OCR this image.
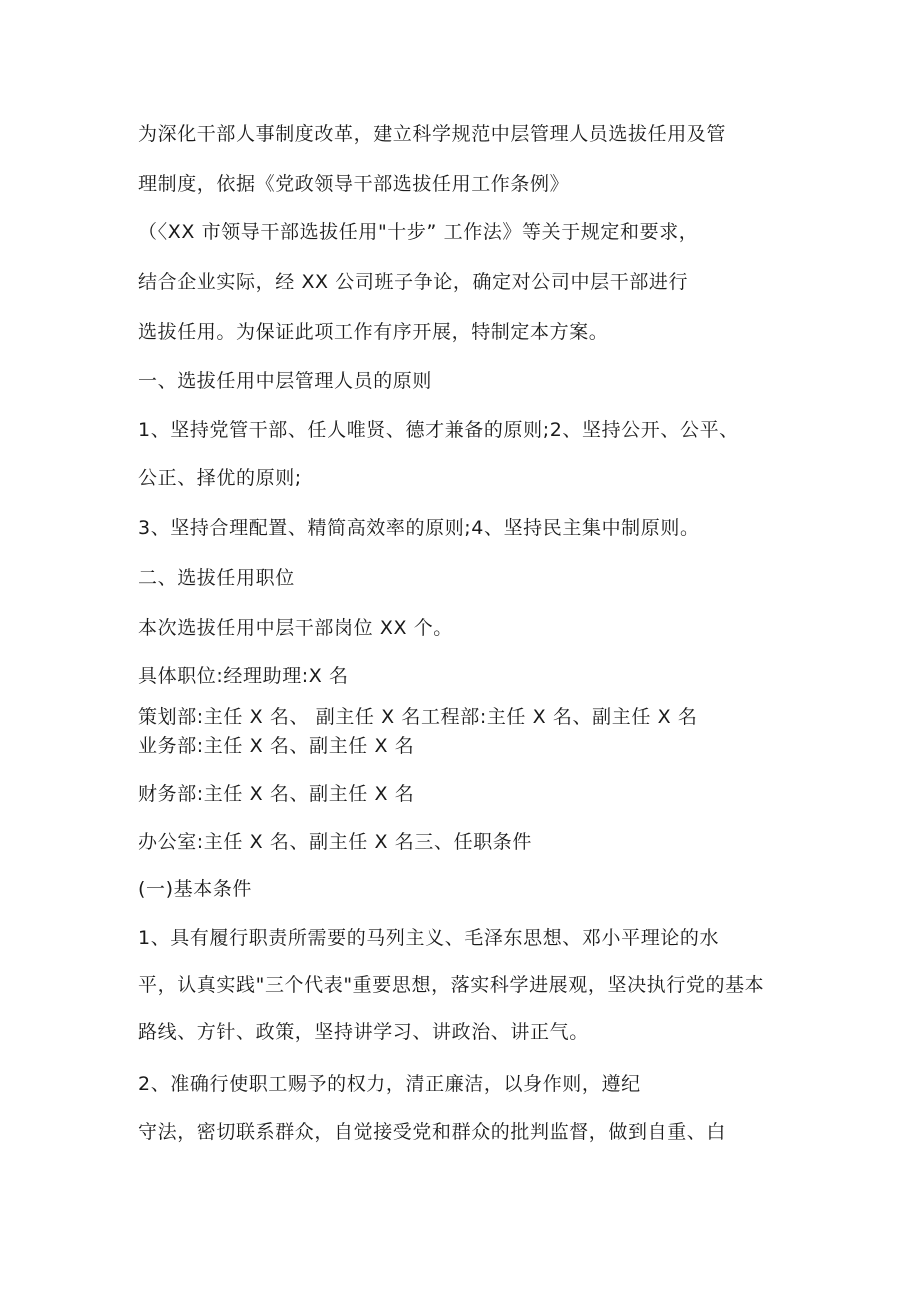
为深化干部人事制度改革，建立科学规范中层管理人员选拔任用及管
理制度，依据《党政领导干部选拔任用工作条例》
（〈XX 市领导干部选拔任用"十步” 工作法》等关于规定和要求，
结合企业实际，经 XX 公司班子争论，确定对公司中层干部进行
选拔任用。为保证此项工作有序开展，特制定本方案。
一、选拔任用中层管理人员的原则
1、坚持党管干部、任人唯贤、德才兼备的原则;2、坚持公开、公平、
公正、择优的原则;
3、坚持合理配置、精简高效率的原则;4、坚持民主集中制原则。
二、选拔任用职位
本次选拔任用中层干部岗位 XX 个。
具体职位:经理助理:X 名
策划部:主任 X 名、 副主任 X 名工程部:主任 X 名、副主任 X 名
业务部:主任 X 名、副主任 X 名
财务部:主任 X 名、副主任 X 名
办公室:主任 X 名、副主任 X 名三、任职条件
(一)基本条件
1、具有履行职责所需要的马列主义、毛泽东思想、邓小平理论的水
平，认真实践"三个代表"重要思想，落实科学进展观，坚决执行党的基本
路线、方针、政策，坚持讲学习、讲政治、讲正气。
2、准确行使职工赐予的权力，清正廉洁，以身作则，遵纪
守法，密切联系群众，自觉接受党和群众的批判监督，做到自重、白
